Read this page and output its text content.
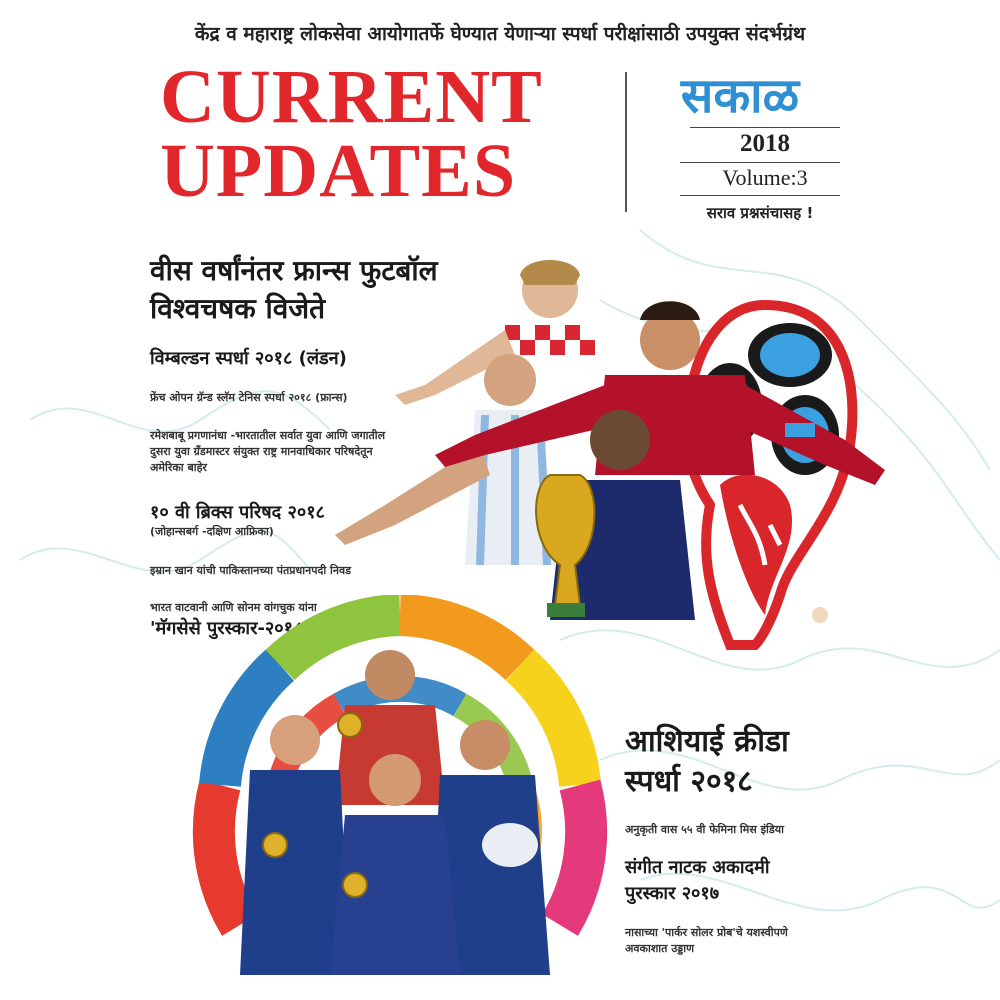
केंद्र व महाराष्ट्र लोकसेवा आयोगातर्फे घेण्यात येणाऱ्या स्पर्धा परीक्षांसाठी उपयुक्त संदर्भग्रंथ
CURRENT
UPDATES
सकाळ
2018
Volume:3
सराव प्रश्नसंचासह !
वीस वर्षांनंतर फ्रान्स फुटबॉल
विश्वचषक विजेते
विम्बल्डन स्पर्धा २०१८ (लंडन)
फ्रेंच ओपन ग्रॅन्ड स्लॅम टेनिस स्पर्धा २०१८ (फ्रान्स)
रमेशबाबू प्रगणानंधा -भारतातील सर्वात युवा आणि जगातील
दुसरा युवा ग्रॅंडमास्टर संयुक्त राष्ट्र मानवाधिकार परिषदेतून
अमेरिका बाहेर
१० वी ब्रिक्स परिषद २०१८
(जोहान्सबर्ग -दक्षिण आफ्रिका)
इम्रान खान यांची पाकिस्तानच्या पंतप्रधानपदी निवड
भारत वाटवानी आणि सोनम वांगचुक यांना
'मॅगसेसे पुरस्कार-२०१८' जाहीर
आशियाई क्रीडा
स्पर्धा २०१८
अनुकृती वास ५५ वी फेमिना मिस इंडिया
संगीत नाटक अकादमी
पुरस्कार २०१७
नासाच्या 'पार्कर सोलर प्रोब'चे यशस्वीपणे
अवकाशात उड्डाण
